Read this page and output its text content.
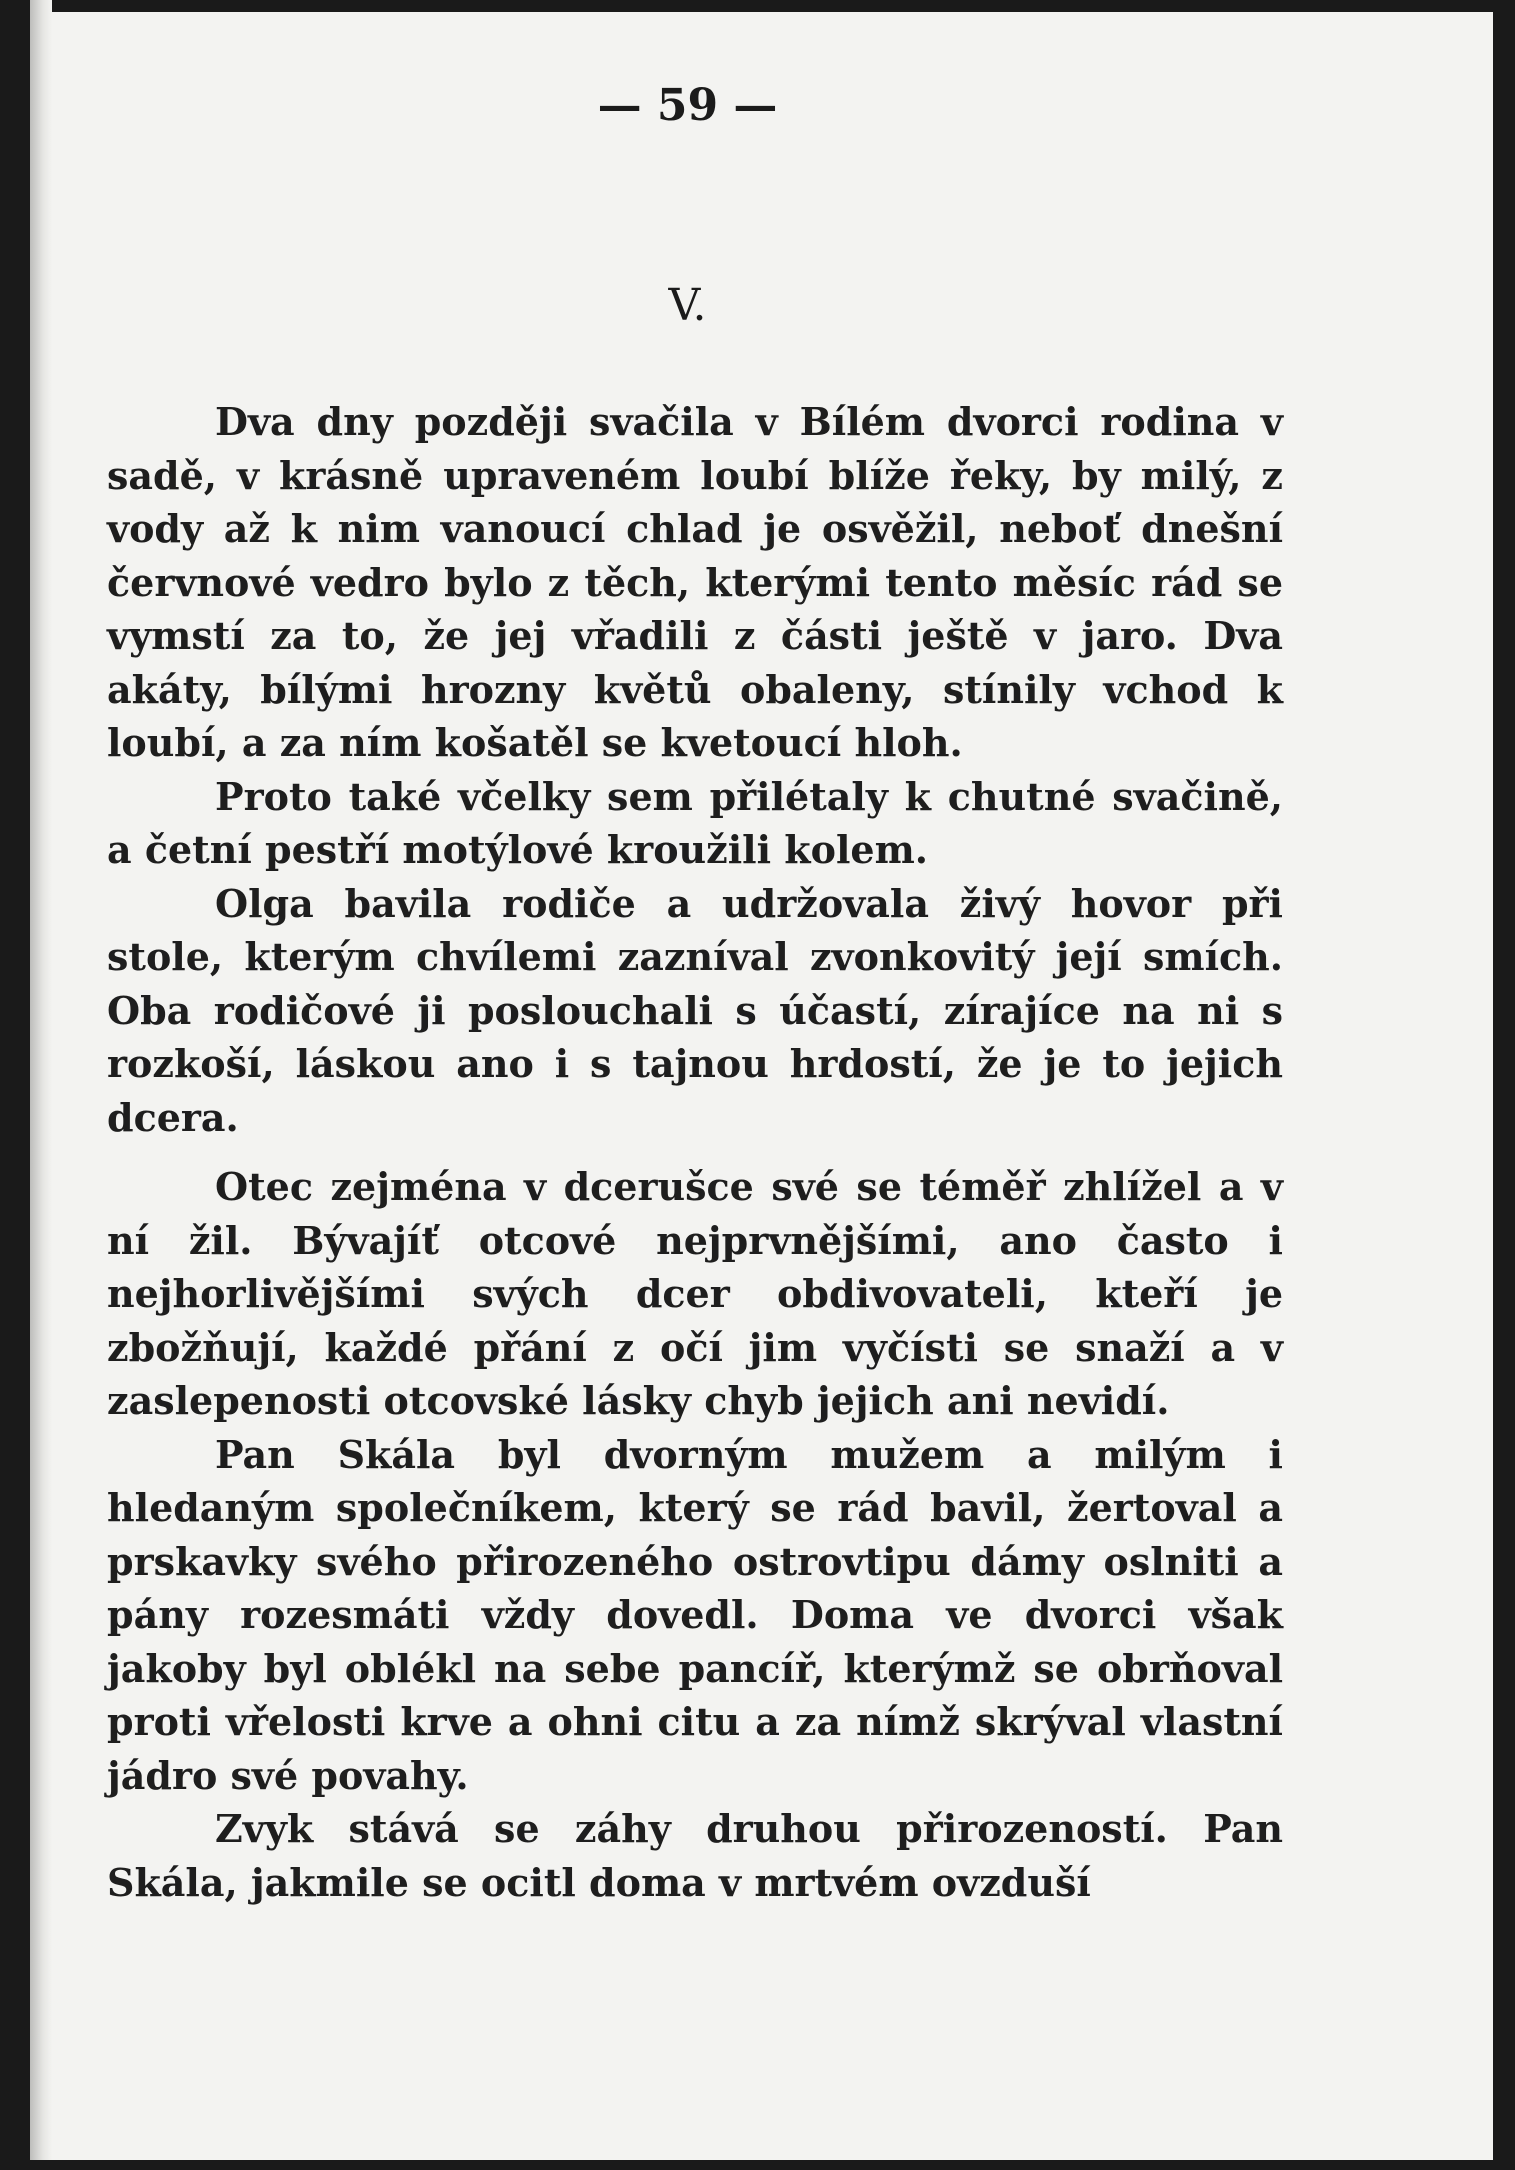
— 59 —
V.

Dva dny později svačila v Bílém dvorci rodina v sadě, v krásně upraveném loubí blíže řeky, by milý, z vody až k nim vanoucí chlad je osvěžil, neboť dnešní červnové vedro bylo z těch, kterými tento měsíc rád se vymstí za to, že jej vřadili z části ještě v jaro. Dva akáty, bílými hrozny květů obaleny, stínily vchod k loubí, a za ním košatěl se kvetoucí hloh.

Proto také včelky sem přilétaly k chutné svačině, a četní pestří motýlové kroužili kolem.

Olga bavila rodiče a udržovala živý hovor při stole, kterým chvílemi zazníval zvonkovitý její smích. Oba rodičové ji poslouchali s účastí, zírajíce na ni s rozkoší, láskou ano i s tajnou hrdostí, že je to jejich dcera.

Otec zejména v dcerušce své se téměř zhlížel a v ní žil. Bývajíť otcové nejprvnějšími, ano často i nejhorlivějšími svých dcer obdivovateli, kteří je zbožňují, každé přání z očí jim vyčísti se snaží a v zaslepenosti otcovské lásky chyb jejich ani nevidí.

Pan Skála byl dvorným mužem a milým i hledaným společníkem, který se rád bavil, žertoval a prskavky svého přirozeného ostrovtipu dámy oslniti a pány rozesmáti vždy dovedl. Doma ve dvorci však jakoby byl oblékl na sebe pancíř, kterýmž se obrňoval proti vřelosti krve a ohni citu a za nímž skrýval vlastní jádro své povahy.

Zvyk stává se záhy druhou přirozeností. Pan Skála, jakmile se ocitl doma v mrtvém ovzduší
